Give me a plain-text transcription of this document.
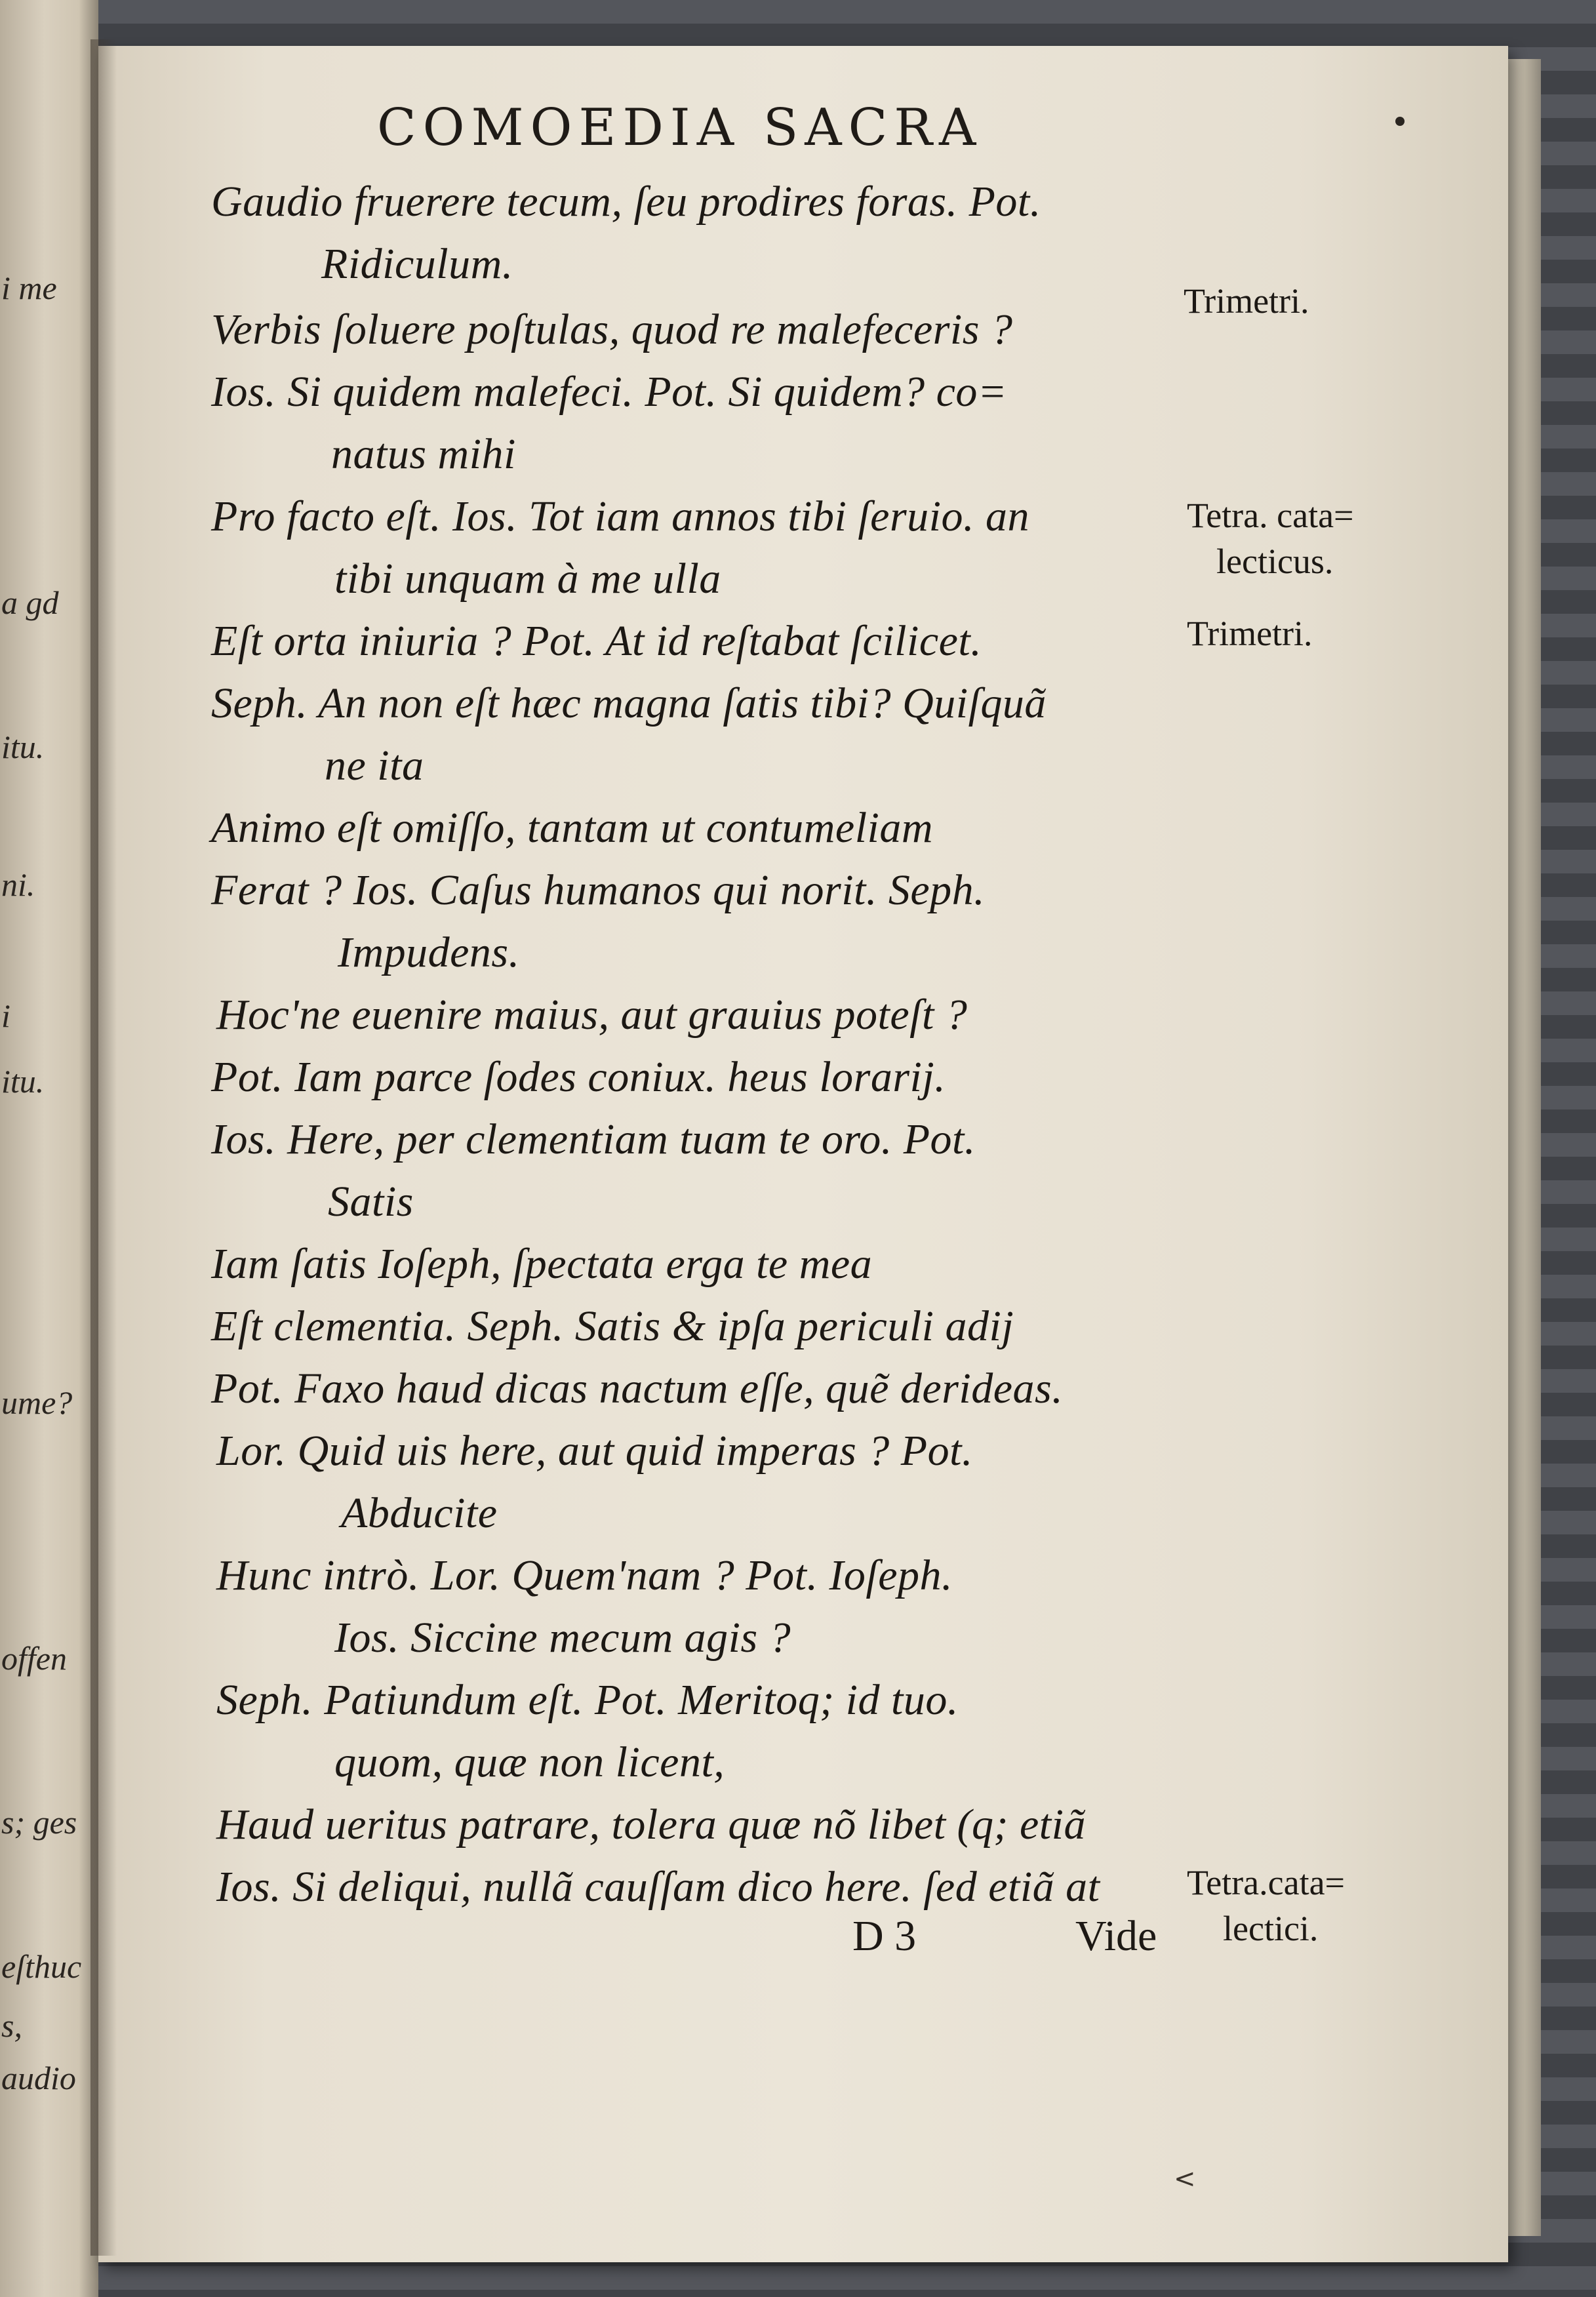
i me
a gd
itu.
ni.
i
itu.
ume?
offen
s; ges
eſthuc
s,
audio
COMOEDIA SACRA
Gaudio fruerere tecum, ſeu prodires foras. Pot.
Ridiculum.
Verbis ſoluere poſtulas, quod re malefeceris ?
Ios. Si quidem malefeci. Pot. Si quidem? co=
natus mihi
Pro facto eſt. Ios. Tot iam annos tibi ſeruio. an
tibi unquam à me ulla
Eſt orta iniuria ? Pot. At id reſtabat ſcilicet.
Seph. An non eſt hæc magna ſatis tibi? Quiſquã
ne ita
Animo eſt omiſſo, tantam ut contumeliam
Ferat ? Ios. Caſus humanos qui norit. Seph.
Impudens.
Hoc'ne euenire maius, aut grauius poteſt ?
Pot. Iam parce ſodes coniux. heus lorarij.
Ios. Here, per clementiam tuam te oro. Pot.
Satis
Iam ſatis Ioſeph, ſpectata erga te mea
Eſt clementia. Seph. Satis & ipſa periculi adij
Pot. Faxo haud dicas nactum eſſe, quẽ derideas.
Lor. Quid uis here, aut quid imperas ? Pot.
Abducite
Hunc intrò. Lor. Quem'nam ? Pot. Ioſeph.
Ios. Siccine mecum agis ?
Seph. Patiundum eſt. Pot. Meritoq; id tuo.
quom, quæ non licent,
Haud ueritus patrare, tolera quæ nõ libet (q; etiã
Ios. Si deliqui, nullã cauſſam dico here. ſed etiã at
Trimetri.
Tetra. cata=
lecticus.
Trimetri.
Tetra.cata=
lectici.
D 3	Vide
<
